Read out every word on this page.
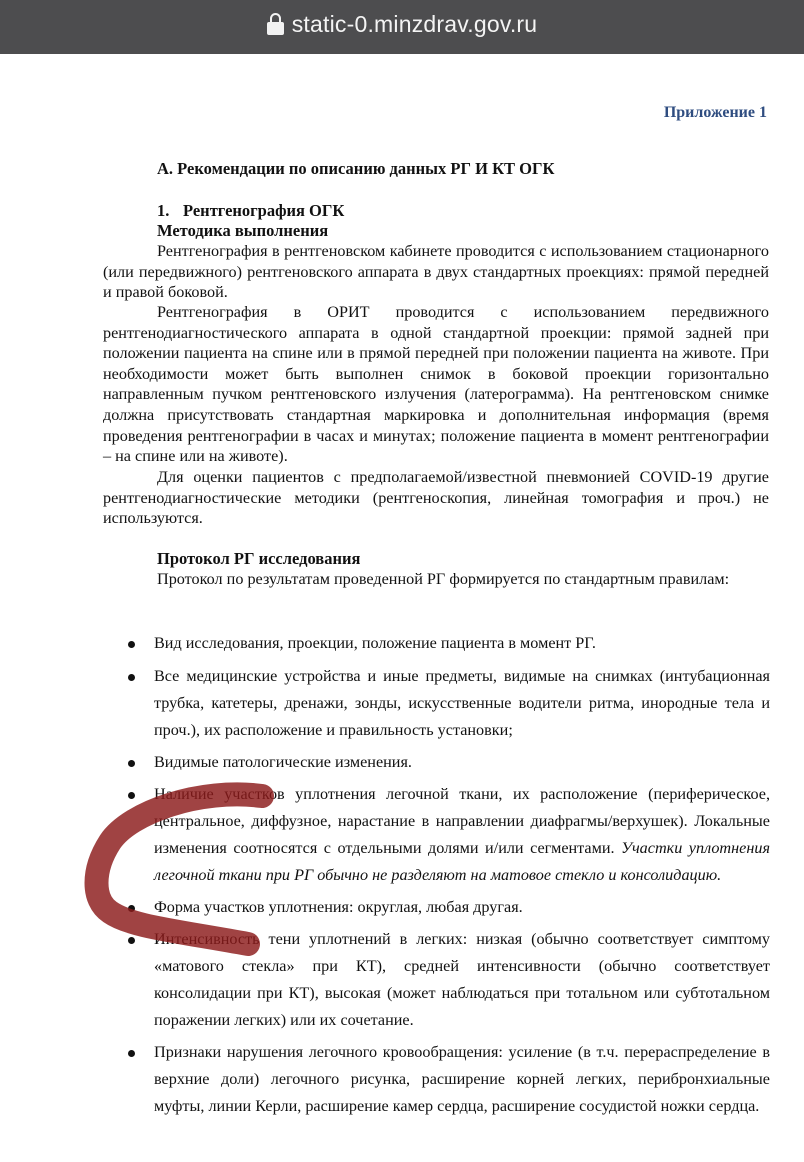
static-0.minzdrav.gov.ru
Приложение 1
А. Рекомендации по описанию данных РГ И КТ ОГК
1. Рентгенография ОГК
Методика выполнения

Рентгенография в рентгеновском кабинете проводится с использованием стационарного (или передвижного) рентгеновского аппарата в двух стандартных проекциях: прямой передней и правой боковой.

Рентгенография в ОРИТ проводится с использованием передвижного рентгенодиагностического аппарата в одной стандартной проекции: прямой задней при положении пациента на спине или в прямой передней при положении пациента на животе. При необходимости может быть выполнен снимок в боковой проекции горизонтально направленным пучком рентгеновского излучения (латерограмма). На рентгеновском снимке должна присутствовать стандартная маркировка и дополнительная информация (время проведения рентгенографии в часах и минутах; положение пациента в момент рентгенографии – на спине или на животе).

Для оценки пациентов с предполагаемой/известной пневмонией COVID-19 другие рентгенодиагностические методики (рентгеноскопия, линейная томография и проч.) не используются.

Протокол РГ исследования

Протокол по результатам проведенной РГ формируется по стандартным правилам:

Вид исследования, проекции, положение пациента в момент РГ.
Все медицинские устройства и иные предметы, видимые на снимках (интубационная трубка, катетеры, дренажи, зонды, искусственные водители ритма, инородные тела и проч.), их расположение и правильность установки;
Видимые патологические изменения.
Наличие участков уплотнения легочной ткани, их расположение (периферическое, центральное, диффузное, нарастание в направлении диафрагмы/верхушек). Локальные изменения соотносятся с отдельными долями и/или сегментами. Участки уплотнения легочной ткани при РГ обычно не разделяют на матовое стекло и консолидацию.
Форма участков уплотнения: округлая, любая другая.
Интенсивность тени уплотнений в легких: низкая (обычно соответствует симптому «матового стекла» при КТ), средней интенсивности (обычно соответствует консолидации при КТ), высокая (может наблюдаться при тотальном или субтотальном поражении легких) или их сочетание.
Признаки нарушения легочного кровообращения: усиление (в т.ч. перераспределение в верхние доли) легочного рисунка, расширение корней легких, перибронхиальные муфты, линии Керли, расширение камер сердца, расширение сосудистой ножки сердца.
